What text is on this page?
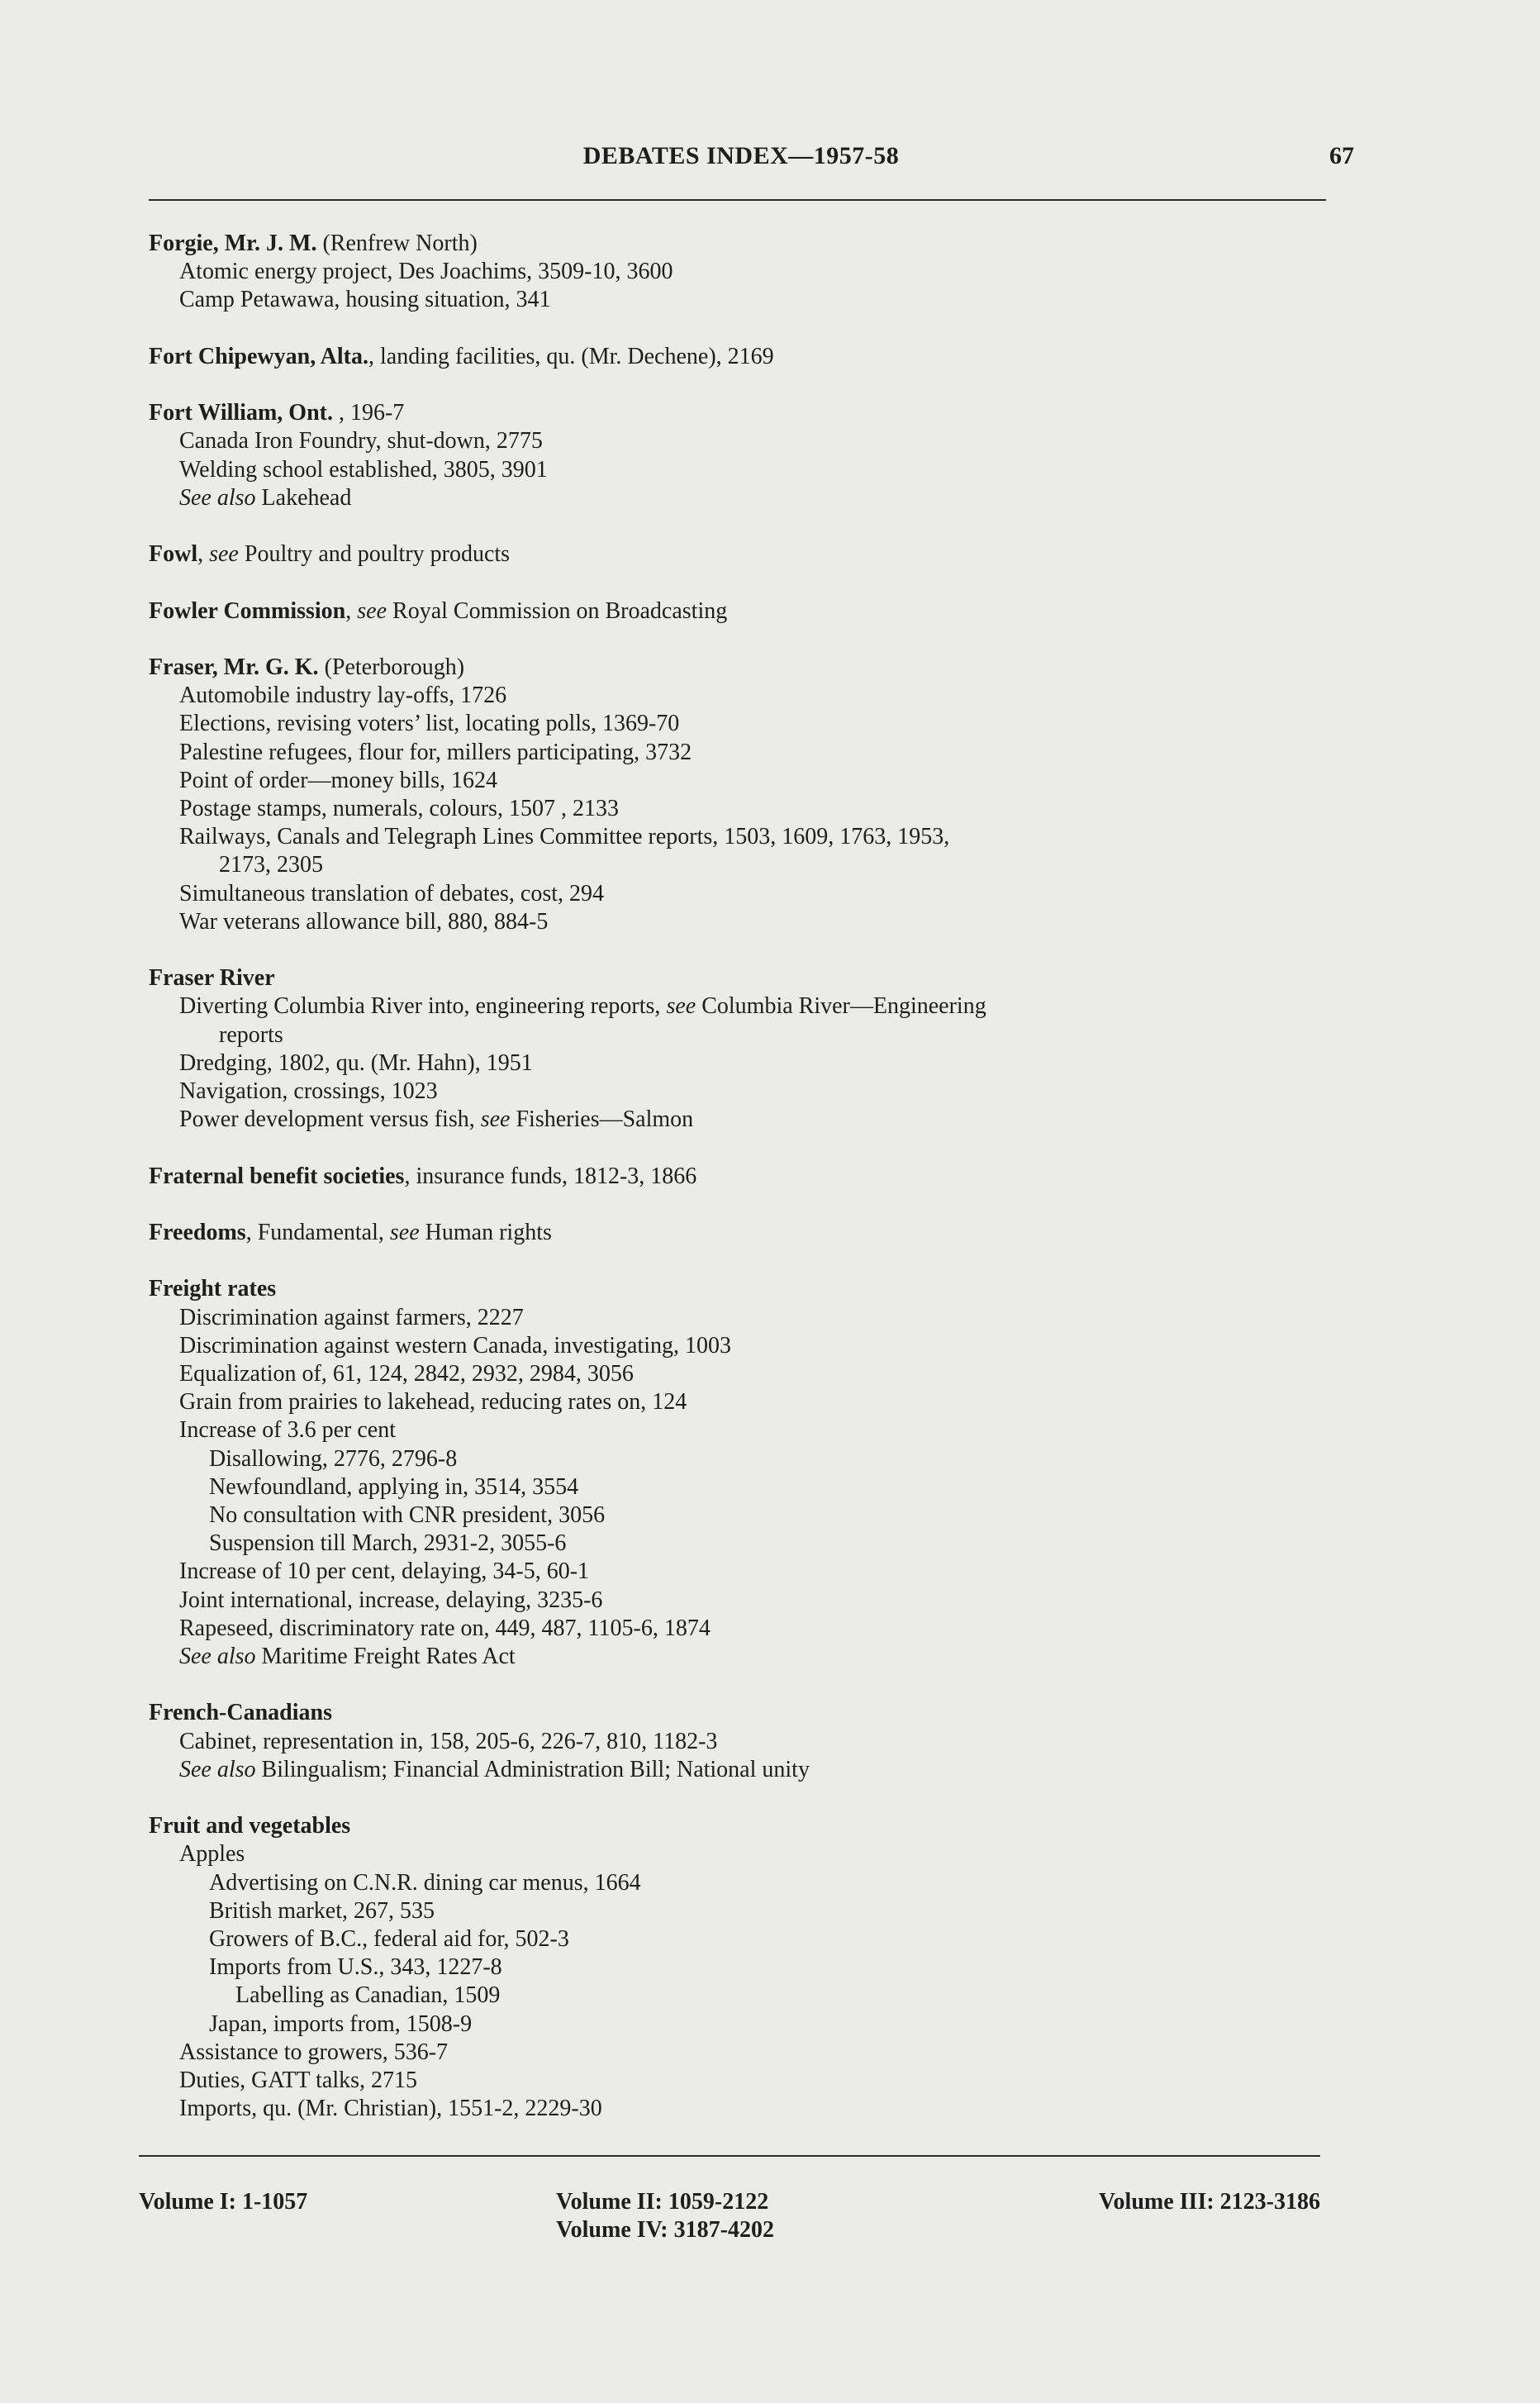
DEBATES INDEX—1957-58	67
Forgie, Mr. J. M. (Renfrew North)
Atomic energy project, Des Joachims, 3509-10, 3600
Camp Petawawa, housing situation, 341
Fort Chipewyan, Alta., landing facilities, qu. (Mr. Dechene), 2169
Fort William, Ont. , 196-7
Canada Iron Foundry, shut-down, 2775
Welding school established, 3805, 3901
See also Lakehead
Fowl, see Poultry and poultry products
Fowler Commission, see Royal Commission on Broadcasting
Fraser, Mr. G. K. (Peterborough)
Automobile industry lay-offs, 1726
Elections, revising voters’ list, locating polls, 1369-70
Palestine refugees, flour for, millers participating, 3732
Point of order—money bills, 1624
Postage stamps, numerals, colours, 1507 , 2133
Railways, Canals and Telegraph Lines Committee reports, 1503, 1609, 1763, 1953,
2173, 2305
Simultaneous translation of debates, cost, 294
War veterans allowance bill, 880, 884-5
Fraser River
Diverting Columbia River into, engineering reports, see Columbia River—Engineering
reports
Dredging, 1802, qu. (Mr. Hahn), 1951
Navigation, crossings, 1023
Power development versus fish, see Fisheries—Salmon
Fraternal benefit societies, insurance funds, 1812-3, 1866
Freedoms, Fundamental, see Human rights
Freight rates
Discrimination against farmers, 2227
Discrimination against western Canada, investigating, 1003
Equalization of, 61, 124, 2842, 2932, 2984, 3056
Grain from prairies to lakehead, reducing rates on, 124
Increase of 3.6 per cent
Disallowing, 2776, 2796-8
Newfoundland, applying in, 3514, 3554
No consultation with CNR president, 3056
Suspension till March, 2931-2, 3055-6
Increase of 10 per cent, delaying, 34-5, 60-1
Joint international, increase, delaying, 3235-6
Rapeseed, discriminatory rate on, 449, 487, 1105-6, 1874
See also Maritime Freight Rates Act
French-Canadians
Cabinet, representation in, 158, 205-6, 226-7, 810, 1182-3
See also Bilingualism; Financial Administration Bill; National unity
Fruit and vegetables
Apples
Advertising on C.N.R. dining car menus, 1664
British market, 267, 535
Growers of B.C., federal aid for, 502-3
Imports from U.S., 343, 1227-8
Labelling as Canadian, 1509
Japan, imports from, 1508-9
Assistance to growers, 536-7
Duties, GATT talks, 2715
Imports, qu. (Mr. Christian), 1551-2, 2229-30
Volume I: 1-1057	Volume II: 1059-2122
Volume IV: 3187-4202
Volume III: 2123-3186
